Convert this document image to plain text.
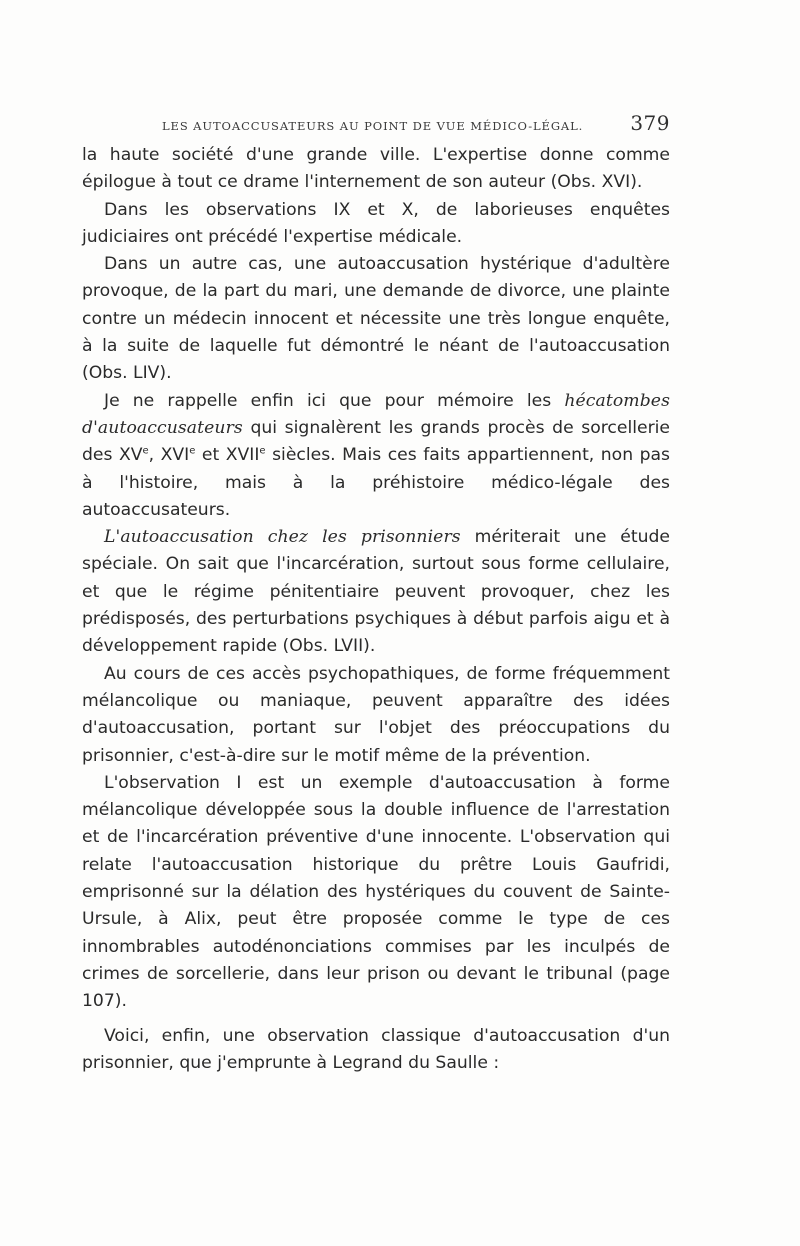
LES AUTOACCUSATEURS AU POINT DE VUE MÉDICO-LÉGAL. 379

la haute société d'une grande ville. L'expertise donne comme épilogue à tout ce drame l'internement de son auteur (Obs. XVI).

Dans les observations IX et X, de laborieuses enquêtes judiciaires ont précédé l'expertise médicale.

Dans un autre cas, une autoaccusation hystérique d'adultère provoque, de la part du mari, une demande de divorce, une plainte contre un médecin innocent et nécessite une très longue enquête, à la suite de laquelle fut démontré le néant de l'autoaccusation (Obs. LIV).

Je ne rappelle enfin ici que pour mémoire les hécatombes d'autoaccusateurs qui signalèrent les grands procès de sorcellerie des XVe, XVIe et XVIIe siècles. Mais ces faits appartiennent, non pas à l'histoire, mais à la préhistoire médico-légale des autoaccusateurs.

L'autoaccusation chez les prisonniers mériterait une étude spéciale. On sait que l'incarcération, surtout sous forme cellulaire, et que le régime pénitentiaire peuvent provoquer, chez les prédisposés, des perturbations psychiques à début parfois aigu et à développement rapide (Obs. LVII).

Au cours de ces accès psychopathiques, de forme fréquemment mélancolique ou maniaque, peuvent apparaître des idées d'autoaccusation, portant sur l'objet des préoccupations du prisonnier, c'est-à-dire sur le motif même de la prévention.

L'observation I est un exemple d'autoaccusation à forme mélancolique développée sous la double influence de l'arrestation et de l'incarcération préventive d'une innocente. L'observation qui relate l'autoaccusation historique du prêtre Louis Gaufridi, emprisonné sur la délation des hystériques du couvent de Sainte-Ursule, à Alix, peut être proposée comme le type de ces innombrables autodénonciations commises par les inculpés de crimes de sorcellerie, dans leur prison ou devant le tribunal (page 107).

Voici, enfin, une observation classique d'autoaccusation d'un prisonnier, que j'emprunte à Legrand du Saulle :
